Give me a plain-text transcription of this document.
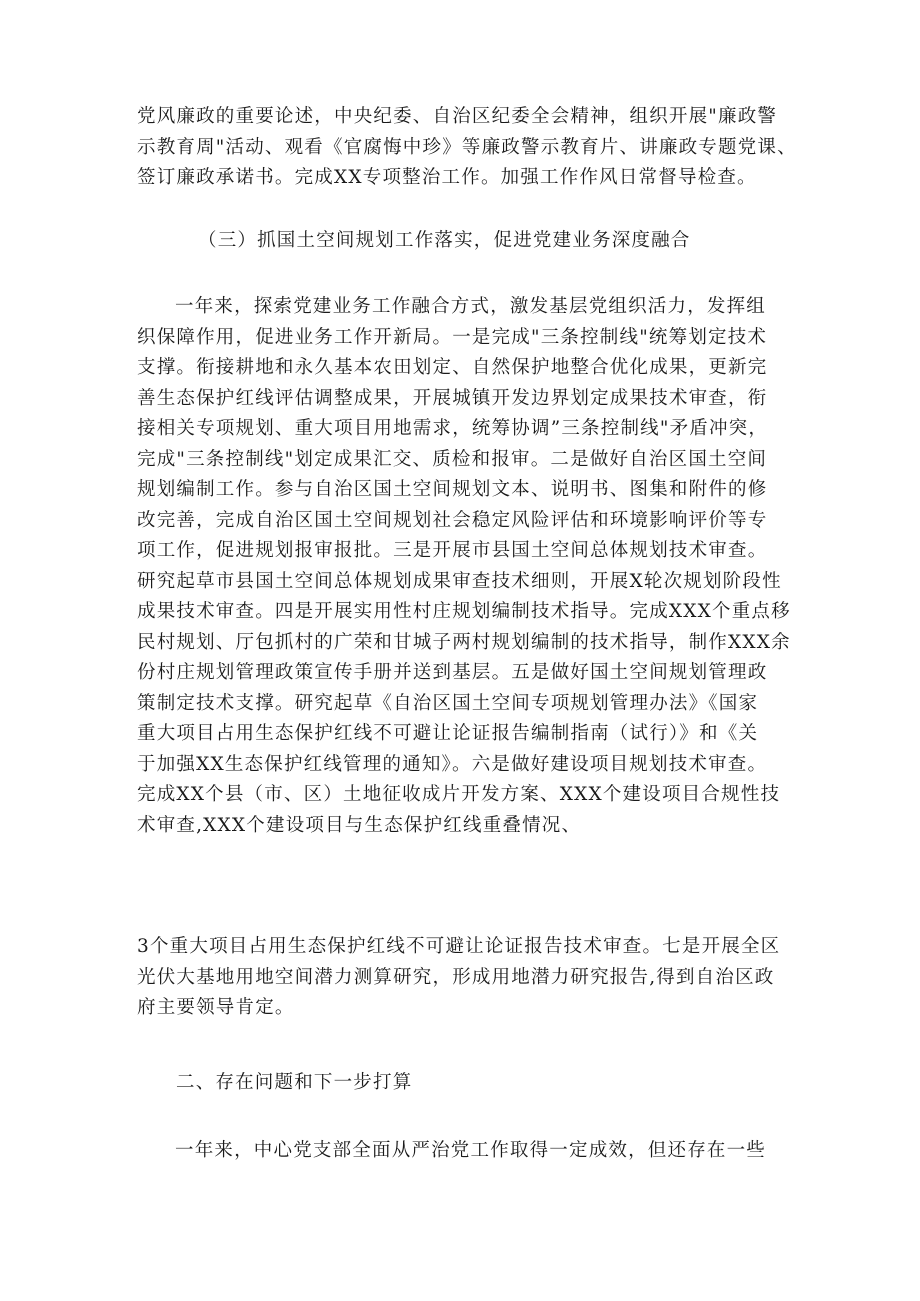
党风廉政的重要论述，中央纪委、自治区纪委全会精神，组织开展"廉政警
示教育周"活动、观看《官腐悔中珍》等廉政警示教育片、讲廉政专题党课、
签订廉政承诺书。完成XX专项整治工作。加强工作作风日常督导检查。
（三）抓国土空间规划工作落实，促进党建业务深度融合
一年来，探索党建业务工作融合方式，激发基层党组织活力，发挥组
织保障作用，促进业务工作开新局。一是完成"三条控制线"统筹划定技术
支撑。衔接耕地和永久基本农田划定、自然保护地整合优化成果，更新完
善生态保护红线评估调整成果，开展城镇开发边界划定成果技术审查，衔
接相关专项规划、重大项目用地需求，统筹协调”三条控制线"矛盾冲突，
完成"三条控制线"划定成果汇交、质检和报审。二是做好自治区国土空间
规划编制工作。参与自治区国土空间规划文本、说明书、图集和附件的修
改完善，完成自治区国土空间规划社会稳定风险评估和环境影响评价等专
项工作，促进规划报审报批。三是开展市县国土空间总体规划技术审查。
研究起草市县国土空间总体规划成果审查技术细则，开展X轮次规划阶段性
成果技术审查。四是开展实用性村庄规划编制技术指导。完成XXX个重点移
民村规划、厅包抓村的广荣和甘城子两村规划编制的技术指导，制作XXX余
份村庄规划管理政策宣传手册并送到基层。五是做好国土空间规划管理政
策制定技术支撑。研究起草《自治区国土空间专项规划管理办法》《国家
重大项目占用生态保护红线不可避让论证报告编制指南（试行）》和《关
于加强XX生态保护红线管理的通知》。六是做好建设项目规划技术审查。
完成XX个县（市、区）土地征收成片开发方案、XXX个建设项目合规性技
术审查,XXX个建设项目与生态保护红线重叠情况、
3个重大项目占用生态保护红线不可避让论证报告技术审查。七是开展全区
光伏大基地用地空间潜力测算研究，形成用地潜力研究报告,得到自治区政
府主要领导肯定。
二、存在问题和下一步打算
一年来，中心党支部全面从严治党工作取得一定成效，但还存在一些
